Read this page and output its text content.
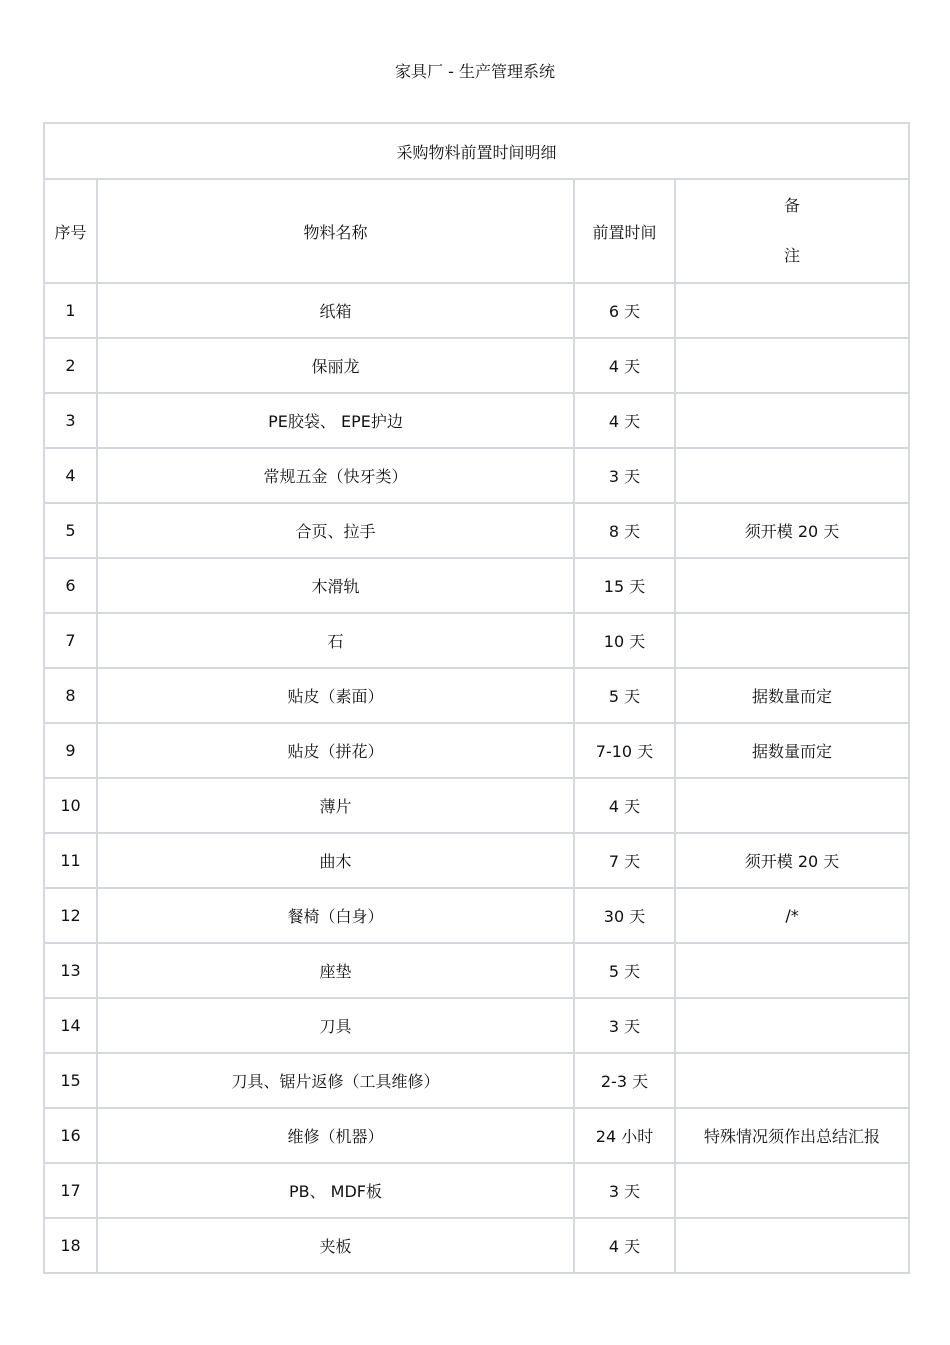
家具厂 - 生产管理系统
采购物料前置时间明细			
序号	物料名称	前置时间	备
注

1	纸箱	6 天	
2	保丽龙	4 天	
3	PE胶袋、 EPE护边	4 天	
4	常规五金（快牙类）	3 天	
5	合页、拉手	8 天	须开模 20 天
6	木滑轨	15 天	
7	石	10 天	
8	贴皮（素面）	5 天	据数量而定
9	贴皮（拼花）	7-10 天	据数量而定
10	薄片	4 天	
11	曲木	7 天	须开模 20 天
12	餐椅（白身）	30 天	/*
13	座垫	5 天	
14	刀具	3 天	
15	刀具、锯片返修（工具维修）	2-3 天	
16	维修（机器）	24 小时	特殊情况须作出总结汇报
17	PB、 MDF板	3 天	
18	夹板	4 天	
